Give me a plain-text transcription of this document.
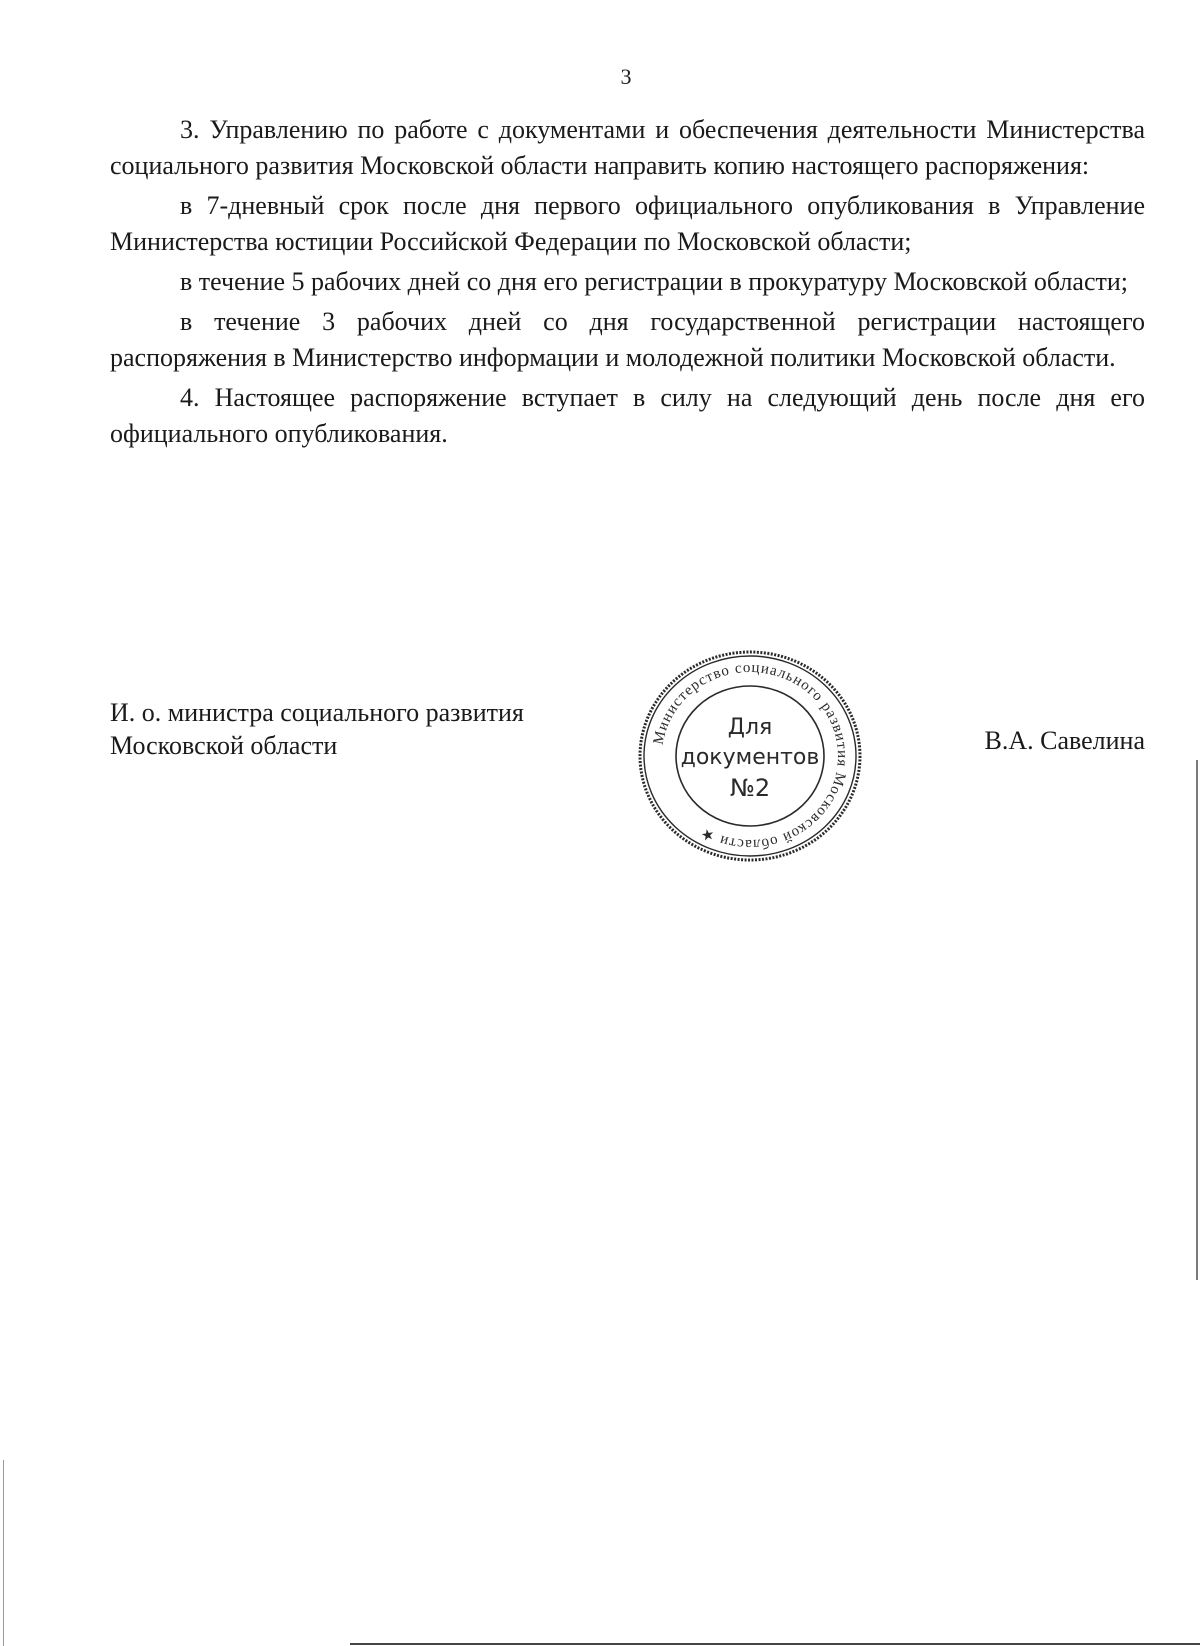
3

3. Управлению по работе с документами и обеспечения деятельности Министерства социального развития Московской области направить копию настоящего распоряжения:

в 7-дневный срок после дня первого официального опубликования в Управление Министерства юстиции Российской Федерации по Московской области;

в течение 5 рабочих дней со дня его регистрации в прокуратуру Московской области;

в течение 3 рабочих дней со дня государственной регистрации настоящего распоряжения в Министерство информации и молодежной политики Московской области.

4. Настоящее распоряжение вступает в силу на следующий день после дня его официального опубликования.

И. о. министра социального развития
Московской области	Министерство социального развития Московской области ★
Для
документов
№2
В.А. Савелина
